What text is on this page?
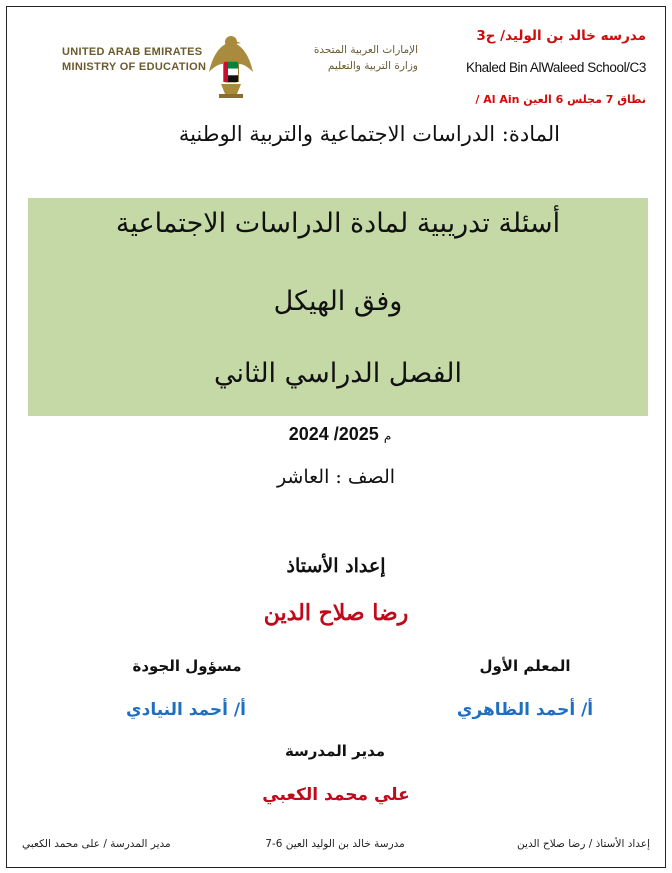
UNITED ARAB EMIRATES
MINISTRY OF EDUCATION
الإمارات العربية المتحدة
وزارة التربية والتعليم
مدرسه خالد بن الوليد/ ح3
Khaled Bin AlWaleed School/C3
نطاق 7 مجلس 6 العين Al Ain /
المادة: الدراسات الاجتماعية والتربية الوطنية
أسئلة تدريبية لمادة الدراسات الاجتماعية
وفق الهيكل
الفصل الدراسي الثاني
2024 /2025 م
الصف : العاشر
إعداد الأستاذ
رضا صلاح الدين
المعلم الأول
أ/ أحمد الظاهري
مسؤول الجودة
أ/ أحمد النيادي
مدير المدرسة
علي محمد الكعبي
إعداد الأستاذ / رضا صلاح الدين
مدرسة خالد بن الوليد العين 6-7
مدير المدرسة / على محمد الكعبي
